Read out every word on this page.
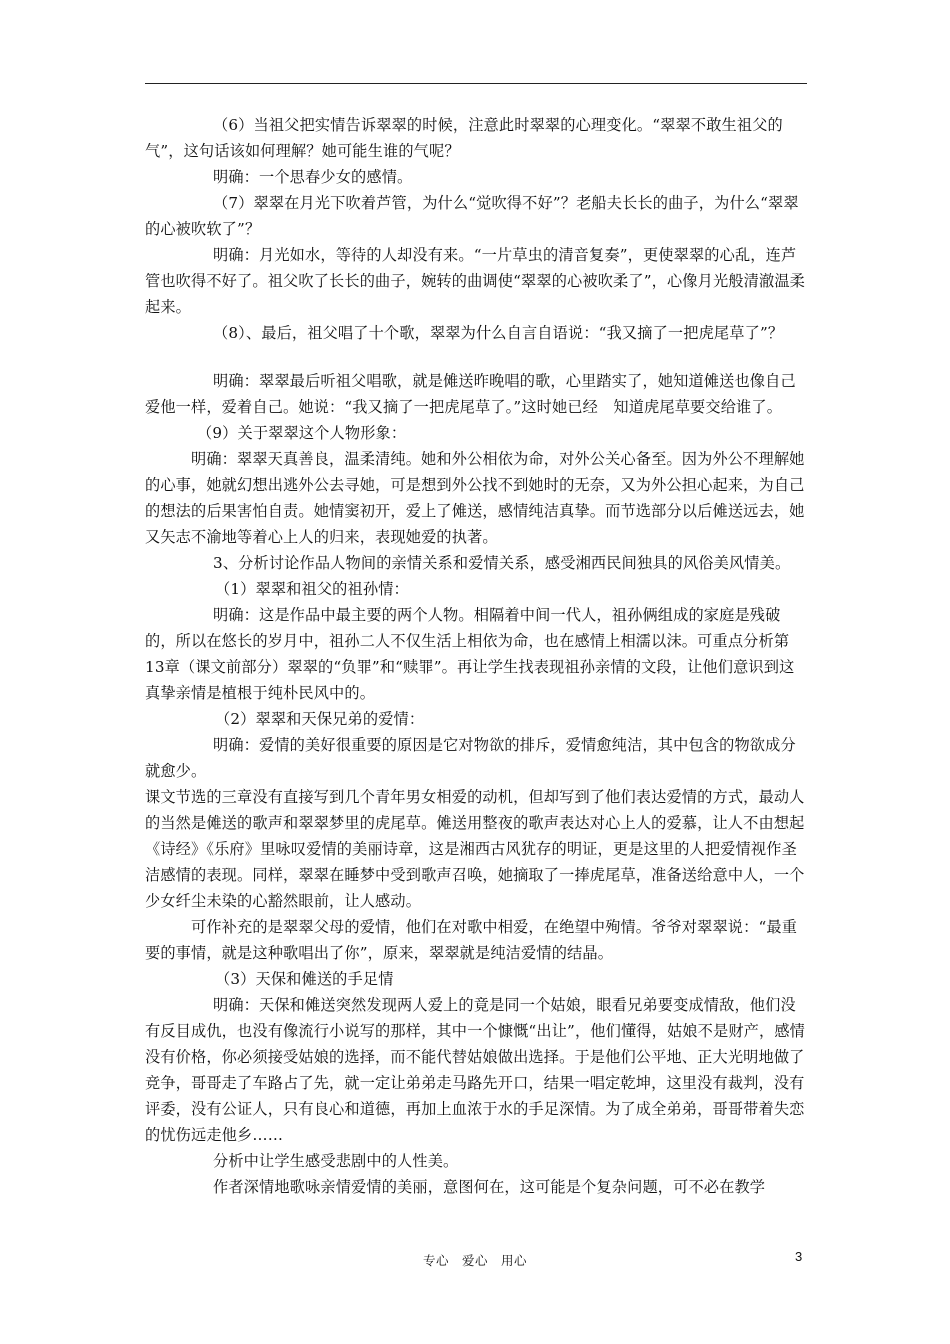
（6）当祖父把实情告诉翠翠的时候，注意此时翠翠的心理变化。“翠翠不敢生祖父的气”，这句话该如何理解？她可能生谁的气呢？

明确：一个思春少女的感情。

（7）翠翠在月光下吹着芦管，为什么“觉吹得不好”？老船夫长长的曲子，为什么“翠翠的心被吹软了”？

明确：月光如水，等待的人却没有来。“一片草虫的清音复奏”，更使翠翠的心乱，连芦管也吹得不好了。祖父吹了长长的曲子，婉转的曲调使“翠翠的心被吹柔了”，心像月光般清澈温柔起来。

（8）、最后，祖父唱了十个歌，翠翠为什么自言自语说：“我又摘了一把虎尾草了”？

明确：翠翠最后听祖父唱歌，就是傩送昨晚唱的歌，心里踏实了，她知道傩送也像自己爱他一样，爱着自己。她说：“我又摘了一把虎尾草了。”这时她已经　知道虎尾草要交给谁了。

（9）关于翠翠这个人物形象：

明确：翠翠天真善良，温柔清纯。她和外公相依为命，对外公关心备至。因为外公不理解她的心事，她就幻想出逃外公去寻她，可是想到外公找不到她时的无奈，又为外公担心起来，为自己的想法的后果害怕自责。她情窦初开，爱上了傩送，感情纯洁真挚。而节选部分以后傩送远去，她又矢志不渝地等着心上人的归来，表现她爱的执著。

3、分析讨论作品人物间的亲情关系和爱情关系，感受湘西民间独具的风俗美风情美。

（1）翠翠和祖父的祖孙情：

明确：这是作品中最主要的两个人物。相隔着中间一代人，祖孙俩组成的家庭是残破的，所以在悠长的岁月中，祖孙二人不仅生活上相依为命，也在感情上相濡以沫。可重点分析第13章（课文前部分）翠翠的“负罪”和“赎罪”。再让学生找表现祖孙亲情的文段，让他们意识到这真挚亲情是植根于纯朴民风中的。

（2）翠翠和天保兄弟的爱情：

明确：爱情的美好很重要的原因是它对物欲的排斥，爱情愈纯洁，其中包含的物欲成分就愈少。

课文节选的三章没有直接写到几个青年男女相爱的动机，但却写到了他们表达爱情的方式，最动人的当然是傩送的歌声和翠翠梦里的虎尾草。傩送用整夜的歌声表达对心上人的爱慕，让人不由想起《诗经》《乐府》里咏叹爱情的美丽诗章，这是湘西古风犹存的明证，更是这里的人把爱情视作圣洁感情的表现。同样，翠翠在睡梦中受到歌声召唤，她摘取了一捧虎尾草，准备送给意中人，一个少女纤尘未染的心豁然眼前，让人感动。

可作补充的是翠翠父母的爱情，他们在对歌中相爱，在绝望中殉情。爷爷对翠翠说：“最重要的事情，就是这种歌唱出了你”，原来，翠翠就是纯洁爱情的结晶。

（3）天保和傩送的手足情

明确：天保和傩送突然发现两人爱上的竟是同一个姑娘，眼看兄弟要变成情敌，他们没有反目成仇，也没有像流行小说写的那样，其中一个慷慨“出让”，他们懂得，姑娘不是财产，感情没有价格，你必须接受姑娘的选择，而不能代替姑娘做出选择。于是他们公平地、正大光明地做了竞争，哥哥走了车路占了先，就一定让弟弟走马路先开口，结果一唱定乾坤，这里没有裁判，没有评委，没有公证人，只有良心和道德，再加上血浓于水的手足深情。为了成全弟弟，哥哥带着失恋的忧伤远走他乡……

分析中让学生感受悲剧中的人性美。

作者深情地歌咏亲情爱情的美丽，意图何在，这可能是个复杂问题，可不必在教学

专心　爱心　用心	3
